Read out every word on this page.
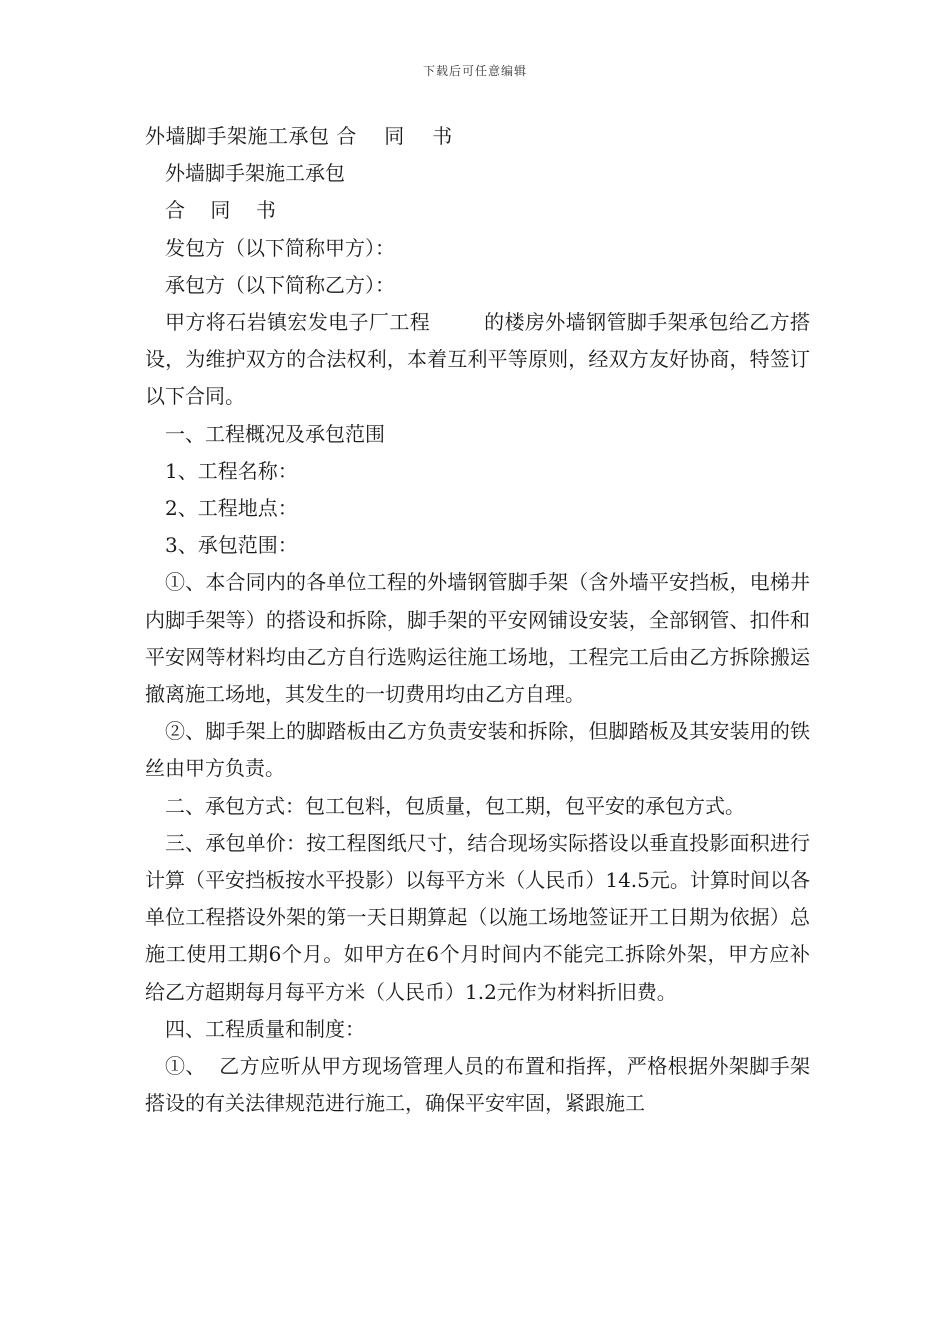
下载后可任意编辑

外墙脚手架施工承包 合    同    书

外墙脚手架施工承包

合    同    书

发包方（以下简称甲方）：

承包方（以下简称乙方）：

甲方将石岩镇宏发电子厂工程        的楼房外墙钢管脚手架承包给乙方搭设，为维护双方的合法权利，本着互利平等原则，经双方友好协商，特签订以下合同。

一、工程概况及承包范围

1、工程名称：

2、工程地点：

3、承包范围：

①、本合同内的各单位工程的外墙钢管脚手架（含外墙平安挡板，电梯井内脚手架等）的搭设和拆除，脚手架的平安网铺设安装，全部钢管、扣件和平安网等材料均由乙方自行选购运往施工场地，工程完工后由乙方拆除搬运撤离施工场地，其发生的一切费用均由乙方自理。

②、脚手架上的脚踏板由乙方负责安装和拆除，但脚踏板及其安装用的铁丝由甲方负责。

二、承包方式：包工包料，包质量，包工期，包平安的承包方式。

三、承包单价：按工程图纸尺寸，结合现场实际搭设以垂直投影面积进行计算（平安挡板按水平投影）以每平方米（人民币）14.5元。计算时间以各单位工程搭设外架的第一天日期算起（以施工场地签证开工日期为依据）总施工使用工期6个月。如甲方在6个月时间内不能完工拆除外架，甲方应补给乙方超期每月每平方米（人民币）1.2元作为材料折旧费。

四、工程质量和制度：

①、  乙方应听从甲方现场管理人员的布置和指挥，严格根据外架脚手架搭设的有关法律规范进行施工，确保平安牢固，紧跟施工
